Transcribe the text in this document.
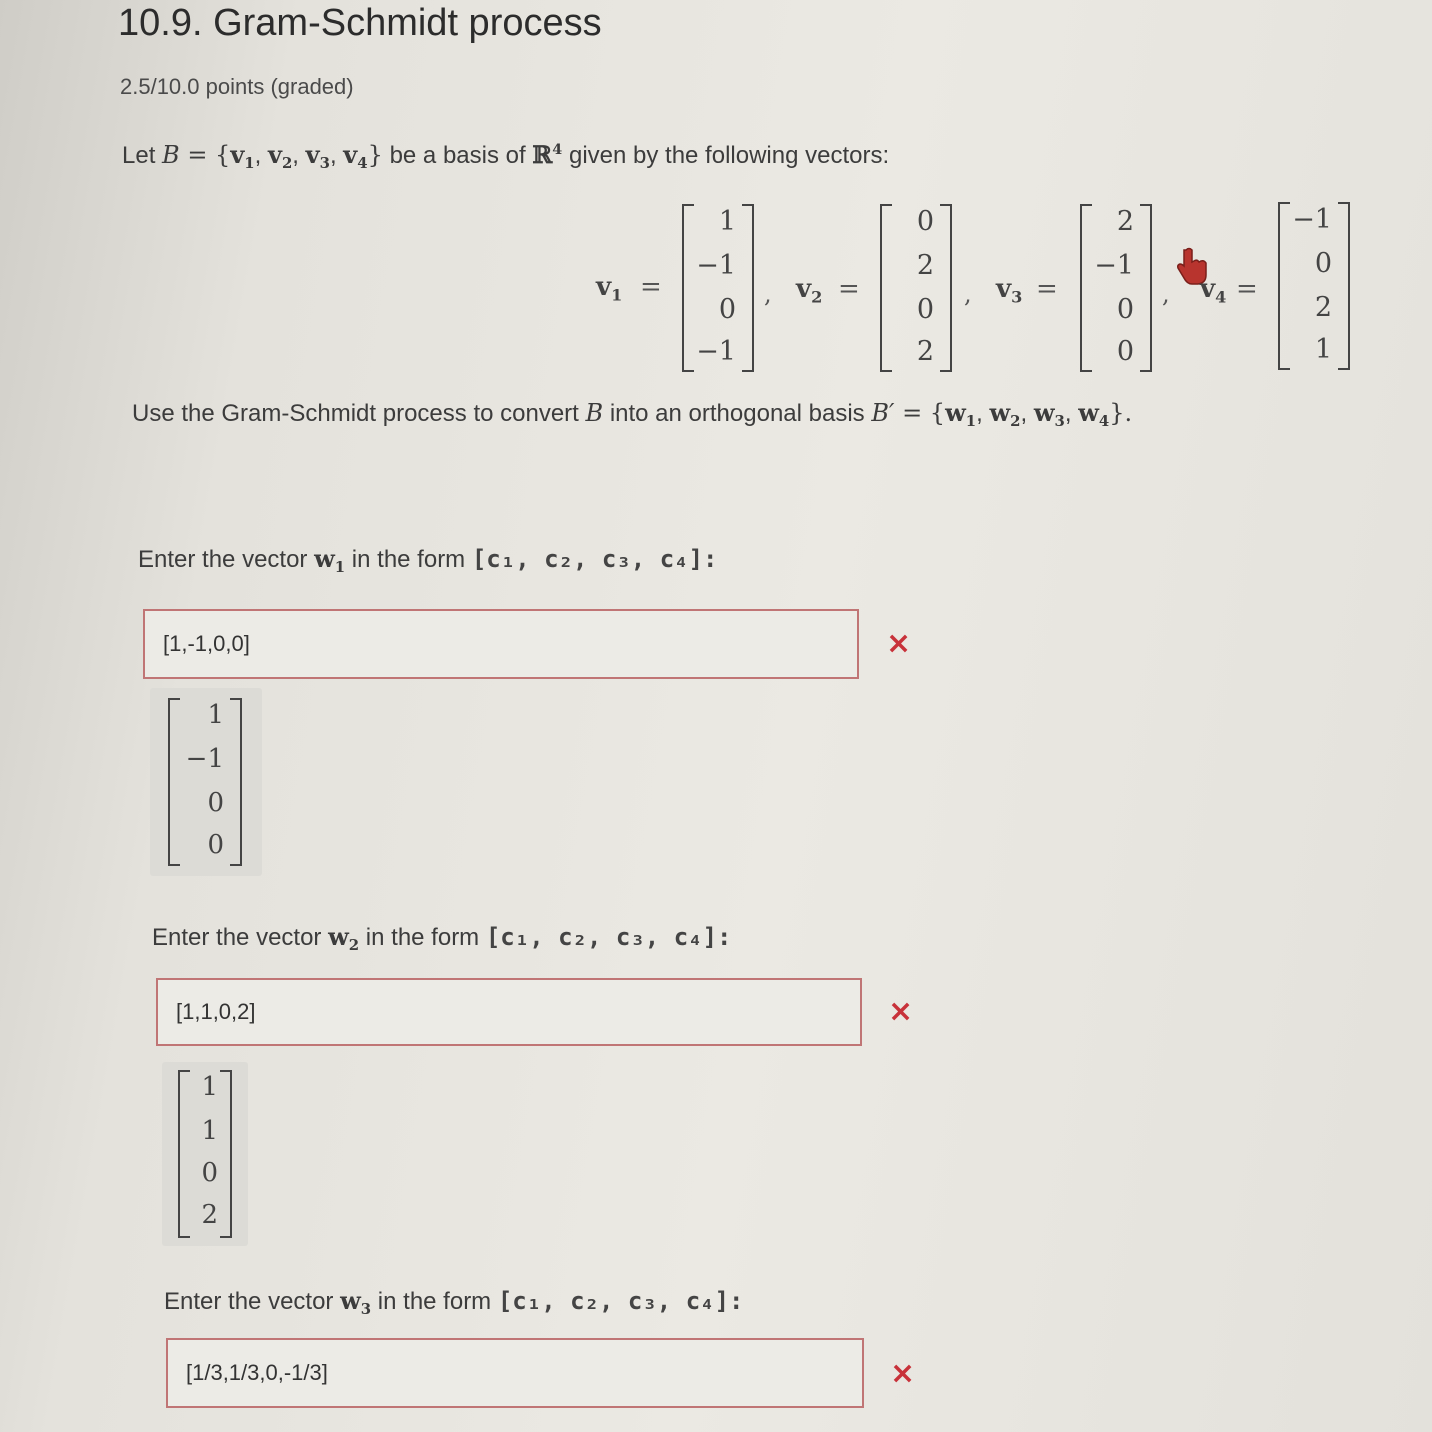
10.9. Gram-Schmidt process
2.5/10.0 points (graded)
Let $B = \{v_1$, $v_2$, $v_3$, $v_4$} be a basis of ℝ$^4$ given by the following vectors:
$v_1$ =
1
−1
0
−1
, $v_2$ =
0
2
0
2
, $v_3$ =
2
−1
0
0
, $v_4$ =
−1
0
2
1
Use the Gram-Schmidt process to convert B into an orthogonal basis $B' = \{w_1$, $w_2$, $w_3$, $w_4$}.
Enter the vector $w_1$ in the form [c₁, c₂, c₃, c₄]:
[1,-1,0,0]	×
1
−1
0
0
Enter the vector $w_2$ in the form [c₁, c₂, c₃, c₄]:
[1,1,0,2]	×
1
1
0
2
Enter the vector $w_3$ in the form [c₁, c₂, c₃, c₄]:
[1/3,1/3,0,-1/3]	×
